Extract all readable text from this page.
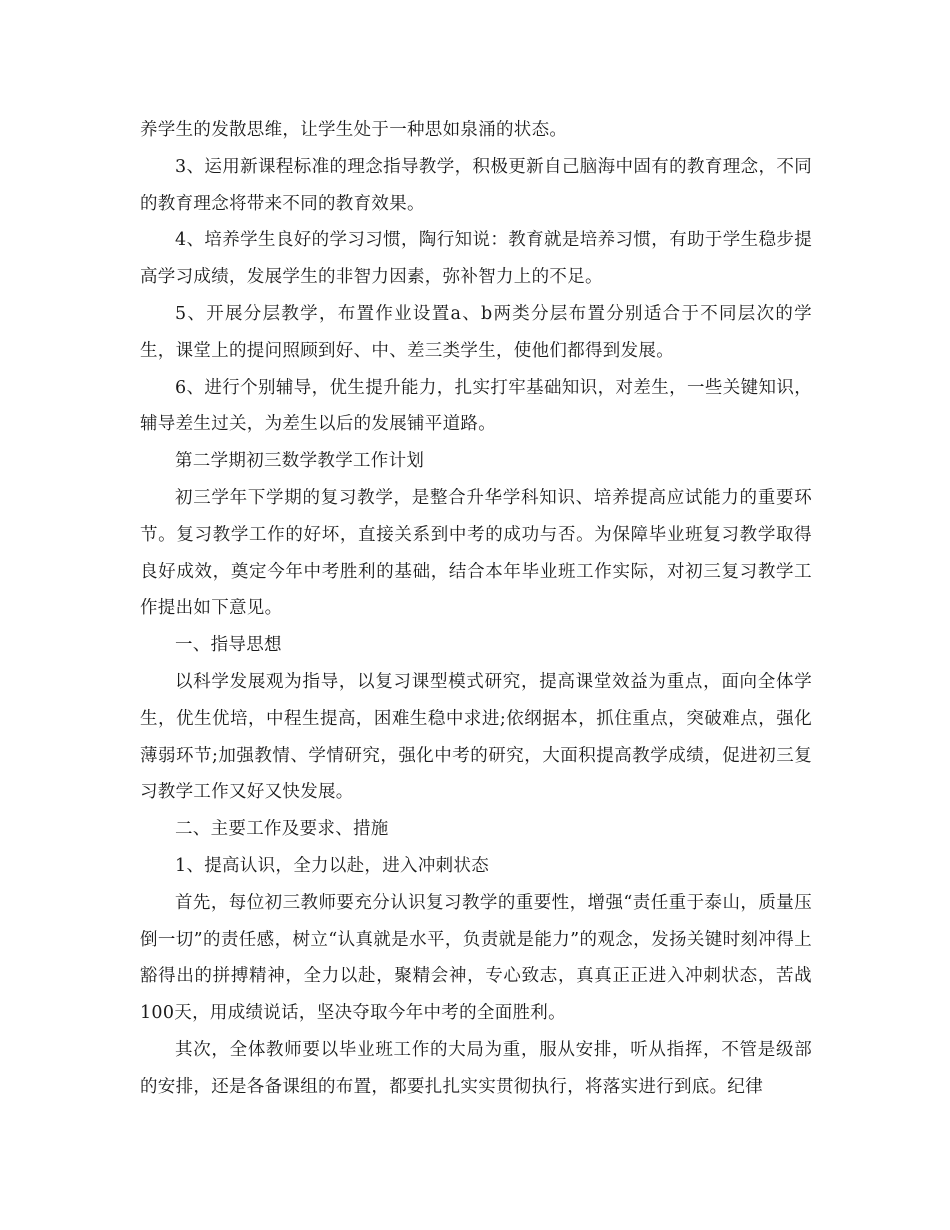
养学生的发散思维，让学生处于一种思如泉涌的状态。

3、运用新课程标准的理念指导教学，积极更新自己脑海中固有的教育理念，不同的教育理念将带来不同的教育效果。

4、培养学生良好的学习习惯，陶行知说：教育就是培养习惯，有助于学生稳步提高学习成绩，发展学生的非智力因素，弥补智力上的不足。

5、开展分层教学，布置作业设置a、b两类分层布置分别适合于不同层次的学生，课堂上的提问照顾到好、中、差三类学生，使他们都得到发展。

6、进行个别辅导，优生提升能力，扎实打牢基础知识，对差生，一些关键知识，辅导差生过关，为差生以后的发展铺平道路。

第二学期初三数学教学工作计划

初三学年下学期的复习教学，是整合升华学科知识、培养提高应试能力的重要环节。复习教学工作的好坏，直接关系到中考的成功与否。为保障毕业班复习教学取得良好成效，奠定今年中考胜利的基础，结合本年毕业班工作实际，对初三复习教学工作提出如下意见。

一、指导思想

以科学发展观为指导，以复习课型模式研究，提高课堂效益为重点，面向全体学生，优生优培，中程生提高，困难生稳中求进;依纲据本，抓住重点，突破难点，强化薄弱环节;加强教情、学情研究，强化中考的研究，大面积提高教学成绩，促进初三复习教学工作又好又快发展。

二、主要工作及要求、措施

1、提高认识，全力以赴，进入冲刺状态

首先，每位初三教师要充分认识复习教学的重要性，增强“责任重于泰山，质量压倒一切”的责任感，树立“认真就是水平，负责就是能力”的观念，发扬关键时刻冲得上豁得出的拼搏精神，全力以赴，聚精会神，专心致志，真真正正进入冲刺状态，苦战100天，用成绩说话，坚决夺取今年中考的全面胜利。

其次，全体教师要以毕业班工作的大局为重，服从安排，听从指挥，不管是级部的安排，还是各备课组的布置，都要扎扎实实贯彻执行，将落实进行到底。纪律
